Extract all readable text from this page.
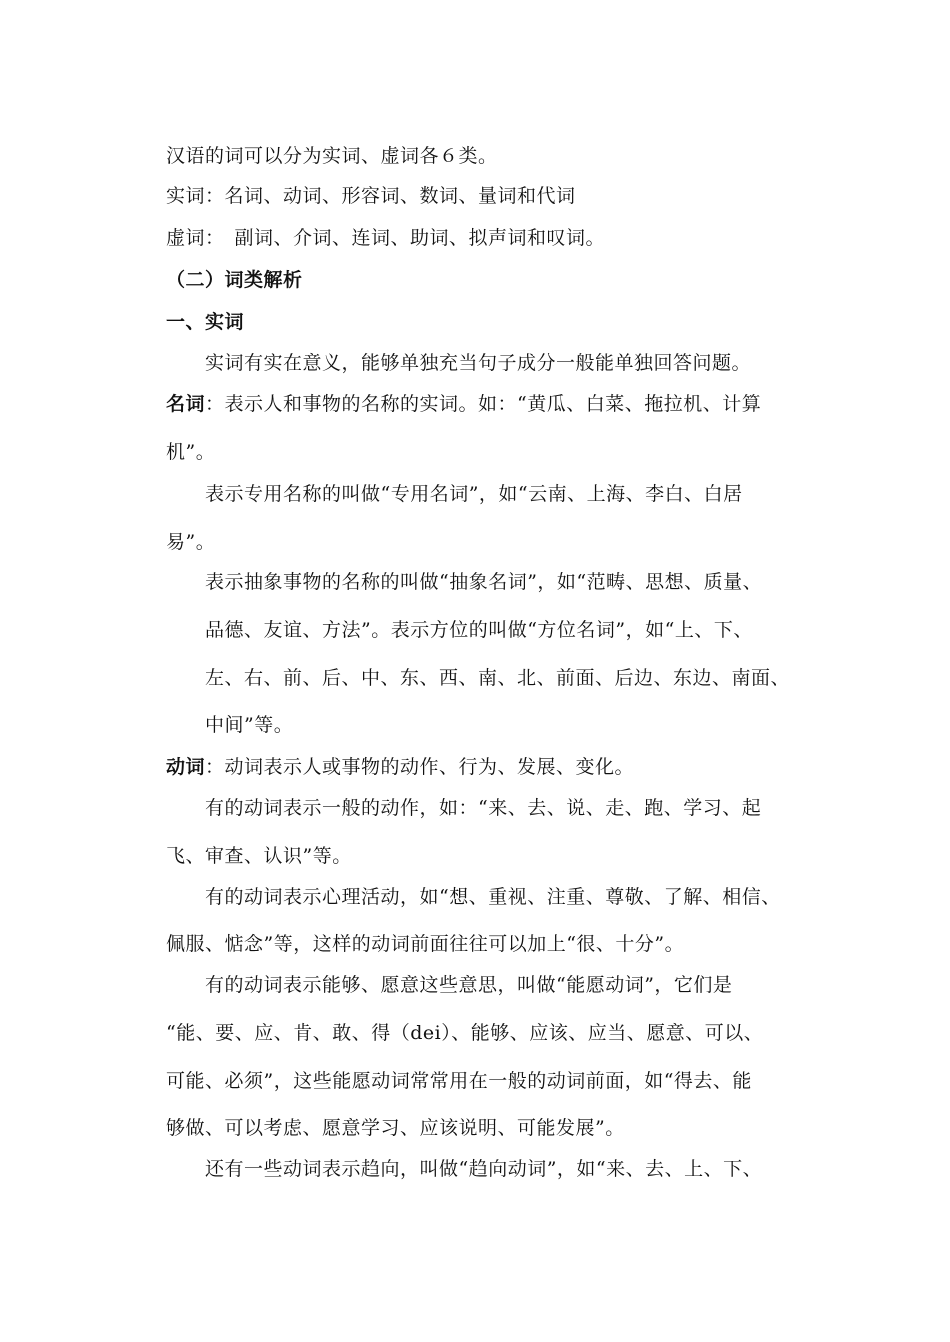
汉语的词可以分为实词、虚词各６类。
实词：名词、动词、形容词、数词、量词和代词
虚词：　副词、介词、连词、助词、拟声词和叹词。
（二）词类解析
一、实词
实词有实在意义，能够单独充当句子成分一般能单独回答问题。
名词：表示人和事物的名称的实词。如：“黄瓜、白菜、拖拉机、计算
机”。
表示专用名称的叫做“专用名词”，如“云南、上海、李白、白居
易”。
表示抽象事物的名称的叫做“抽象名词”，如“范畴、思想、质量、
品德、友谊、方法”。表示方位的叫做“方位名词”，如“上、下、
左、右、前、后、中、东、西、南、北、前面、后边、东边、南面、
中间”等。
动词：动词表示人或事物的动作、行为、发展、变化。
有的动词表示一般的动作，如：“来、去、说、走、跑、学习、起
飞、审查、认识”等。
有的动词表示心理活动，如“想、重视、注重、尊敬、了解、相信、
佩服、惦念”等，这样的动词前面往往可以加上“很、十分”。
有的动词表示能够、愿意这些意思，叫做“能愿动词”，它们是
“能、要、应、肯、敢、得（dei）、能够、应该、应当、愿意、可以、
可能、必须”，这些能愿动词常常用在一般的动词前面，如“得去、能
够做、可以考虑、愿意学习、应该说明、可能发展”。
还有一些动词表示趋向，叫做“趋向动词”，如“来、去、上、下、
